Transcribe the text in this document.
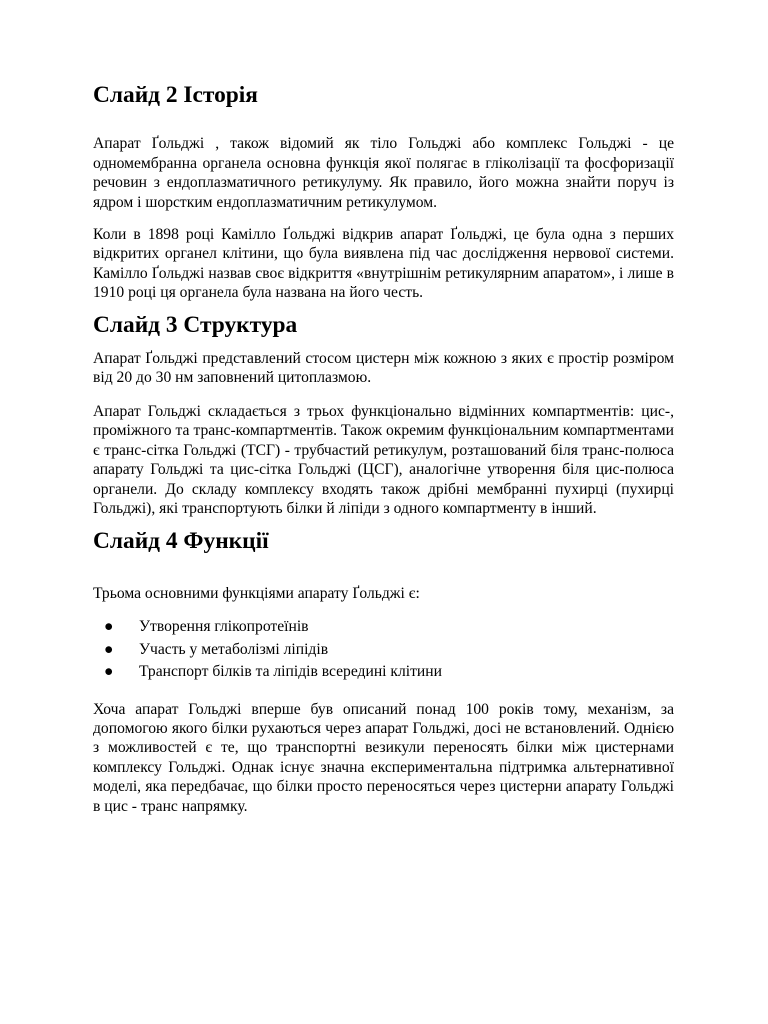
Слайд 2 Історія

Апарат Ґольджі , також відомий як тіло Гольджі або комплекс Гольджі - це одномембранна органела основна функція якої полягає в гліколізації та фосфоризації речовин з ендоплазматичного ретикулуму. Як правило, його можна знайти поруч із ядром і шорстким ендоплазматичним ретикулумом.

Коли в 1898 році Камілло Ґольджі відкрив апарат Ґольджі, це була одна з перших відкритих органел клітини, що була виявлена під час дослідження нервової системи. Камілло Ґольджі назвав своє відкриття «внутрішнім ретикулярним апаратом», і лише в 1910 році ця органела була названа на його честь.

Слайд 3 Структура

Апарат Ґольджі представлений стосом цистерн між кожною з яких є простір розміром від 20 до 30 нм заповнений цитоплазмою.

Апарат Гольджі складається з трьох функціонально відмінних компартментів: цис-, проміжного та транс-компартментів. Також окремим функціональним компартментами є транс-сітка Гольджі (ТСГ) - трубчастий ретикулум, розташований біля транс-полюса апарату Гольджі та цис-сітка Гольджі (ЦСГ), аналогічне утворення біля цис-полюса органели. До складу комплексу входять також дрібні мембранні пухирці (пухирці Гольджі), які транспортують білки й ліпіди з одного компартменту в інший.

Слайд 4 Функції

Трьома основними функціями апарату Ґольджі є:

● Утворення глікопротеїнів
● Участь у метаболізмі ліпідів
● Транспорт білків та ліпідів всередині клітини

Хоча апарат Гольджі вперше був описаний понад 100 років тому, механізм, за допомогою якого білки рухаються через апарат Гольджі, досі не встановлений. Однією з можливостей є те, що транспортні везикули переносять білки між цистернами комплексу Гольджі. Однак існує значна експериментальна підтримка альтернативної моделі, яка передбачає, що білки просто переносяться через цистерни апарату Гольджі в цис - транс напрямку.
